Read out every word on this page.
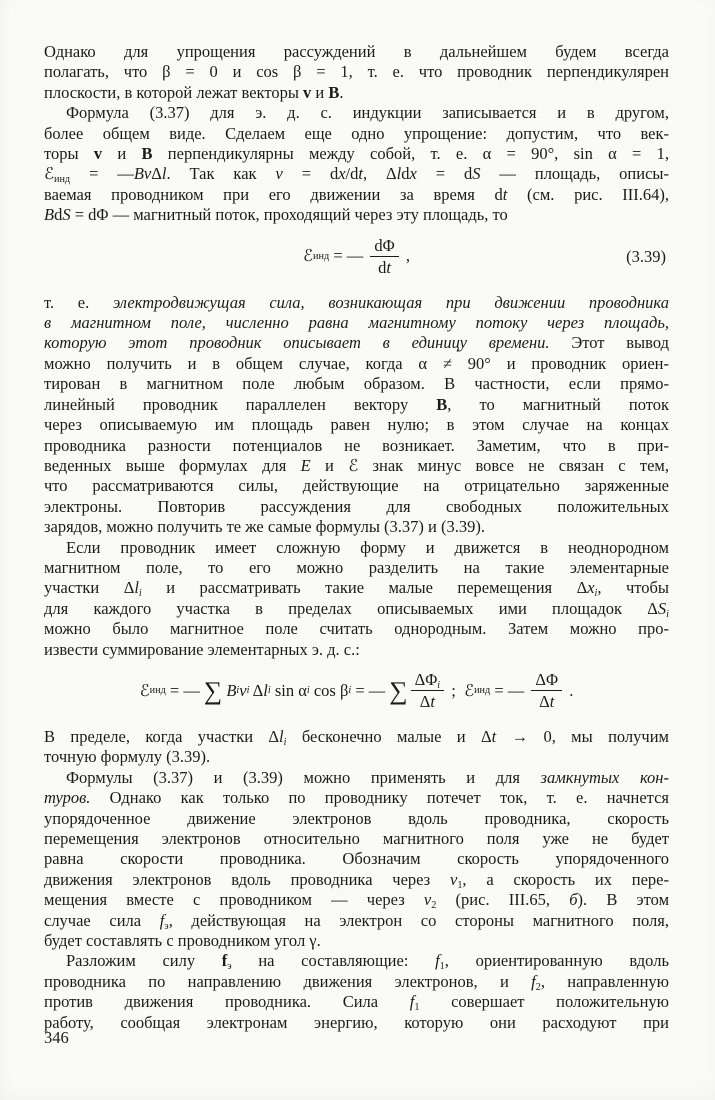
Однако для упрощения рассуждений в дальнейшем будем всегда
полагать, что β = 0 и cos β = 1, т. е. что проводник перпендикулярен
плоскости, в которой лежат векторы v и B.
Формула (3.37) для э. д. с. индукции записывается и в другом,
более общем виде. Сделаем еще одно упрощение: допустим, что век-
торы v и B перпендикулярны между собой, т. е. α = 90°, sin α = 1,
ℰинд = —BvΔl. Так как v = dx/dt, Δldx = dS — площадь, описы-
ваемая проводником при его движении за время dt (см. рис. III.64),
BdS = dΦ — магнитный поток, проходящий через эту площадь, то
ℰ инд = — $\frac{d\Phi}{dt}$ ,	(3.39)
т. е. электродвижущая сила, возникающая при движении проводника
в магнитном поле, численно равна магнитному потоку через площадь,
которую этот проводник описывает в единицу времени. Этот вывод
можно получить и в общем случае, когда α ≠ 90° и проводник ориен-
тирован в магнитном поле любым образом. В частности, если прямо-
линейный проводник параллелен вектору B, то магнитный поток
через описываемую им площадь равен нулю; в этом случае на концах
проводника разности потенциалов не возникает. Заметим, что в при-
веденных выше формулах для E и ℰ знак минус вовсе не связан с тем,
что рассматриваются силы, действующие на отрицательно заряженные
электроны. Повторив рассуждения для свободных положительных
зарядов, можно получить те же самые формулы (3.37) и (3.39).
Если проводник имеет сложную форму и движется в неоднородном
магнитном поле, то его можно разделить на такие элементарные
участки Δli и рассматривать такие малые перемещения Δxi, чтобы
для каждого участка в пределах описываемых ими площадок ΔSi
можно было магнитное поле считать однородным. Затем можно про-
извести суммирование элементарных э. д. с.:
ℰ инд = — ∑
B i v i Δ l i sin α i cos β i = — ∑ $\frac{\text{ΔΦi}}{\Delta t}$ ; ℰ инд = — $\frac{\Delta\Phi}{\Delta t}$ .
В пределе, когда участки Δli бесконечно малые и Δt → 0, мы получим
точную формулу (3.39).
Формулы (3.37) и (3.39) можно применять и для замкнутых кон-
туров. Однако как только по проводнику потечет ток, т. е. начнется
упорядоченное движение электронов вдоль проводника, скорость
перемещения электронов относительно магнитного поля уже не будет
равна скорости проводника. Обозначим скорость упорядоченного
движения электронов вдоль проводника через v1, а скорость их пере-
мещения вместе с проводником — через v2 (рис. III.65, б). В этом
случае сила fэ, действующая на электрон со стороны магнитного поля,
будет составлять с проводником угол γ.
Разложим силу fэ на составляющие: f1, ориентированную вдоль
проводника по направлению движения электронов, и f2, направленную
против движения проводника. Сила f1 совершает положительную
работу, сообщая электронам энергию, которую они расходуют при
346
